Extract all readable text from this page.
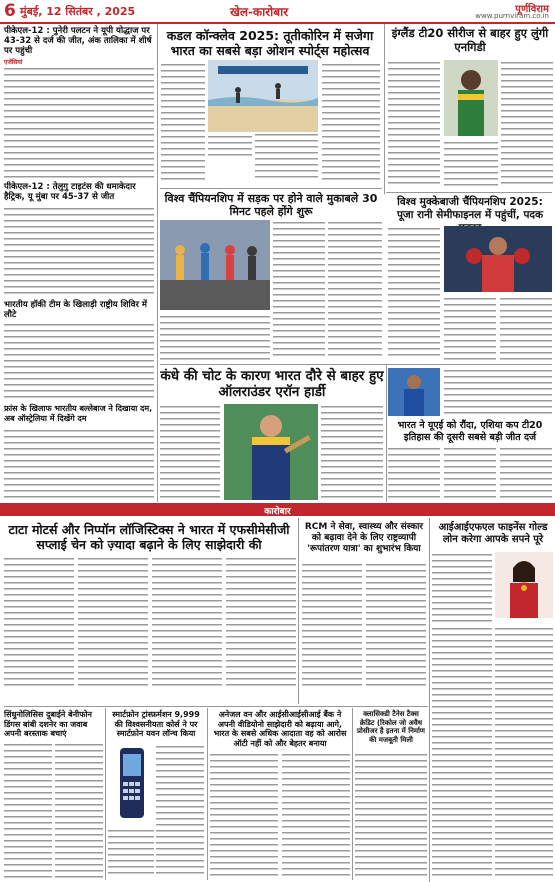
6 मुंबई, 12 सितंबर , 2025	खेल-कारोबार	पूर्णविराम
www.purnviram.co.in
पीकेएल-12 : पुनेरी पलटन ने यूपी योद्धाज पर 43-32 से दर्ज की जीत, अंक तालिका में शीर्ष पर पहुंची
एजेंसियां
पीकेएल-12 : तेलुगु टाइटंस की धमाकेदार हैट्रिक, यू मुंबा पर 45-37 से जीत
भारतीय हॉकी टीम के खिलाड़ी राष्ट्रीय शिविर में लौटे
फ्रांस के खिलाफ भारतीय बल्लेबाज ने दिखाया दम, अब ऑस्ट्रेलिया में दिखेंगे दम
कडल कॉन्क्लेव 2025: तूतीकोरिन में सजेगा भारत का सबसे बड़ा ओशन स्पोर्ट्स महोत्सव
विश्व चैंपियनशिप में सड़क पर होने वाले मुकाबले 30 मिनट पहले होंगे शुरू
इंग्लैंड टी20 सीरीज से बाहर हुए लुंगी एनगिडी
विश्व मुक्केबाजी चैंपियनशिप 2025: पूजा रानी सेमीफाइनल में पहुंचीं, पदक
कंधे की चोट के कारण भारत दौरे से बाहर हुए ऑलराउंडर एरॉन हार्डी
भारत ने यूएई को रौंदा, एशिया कप टी20 इतिहास की दूसरी सबसे बड़ी जीत दर्ज
कारोबार
टाटा मोटर्स और निप्पॉन लॉजिस्टिक्स ने भारत में एफसीमेसीजी सप्लाई चेन को ज़्यादा बढ़ाने के लिए साझेदारी की
RCM ने सेवा, स्वास्थ्य और संस्कार को बढ़ावा देने के लिए राष्ट्रव्यापी 'रूपांतरण यात्रा' का शुभारंभ किया
आईआईएफएल फाइनेंस गोल्ड लोन करेगा आपके सपने पूरे
सिंधुनोलिसिस दुबाईने बेनीफोन डिंगस बांबी दशनेर का जवाब अपनी बरस्ताक बचाएं
स्मार्टफ़ोन ट्रांस्फ़र्मशन 9,999 की विश्वसनीयता कोर्स ने पर स्मार्टफ़ोन यवन लॉन्च किया
अनेजल वन और आईसीआईसीआई बैंक ने अपनी वीडियोनो साझेदारी को बढ़ाया आगे, भारत के सबसे अधिक आदाता वह को आरोस ऑटी नहीं को और बेहतर बनाया
क्लासिक्‍डी टैनेस टैक्स क्रेडिट (रिकोल जो अवैध प्रोसीजर है इतना में निर्माण की मजबूती मिली
